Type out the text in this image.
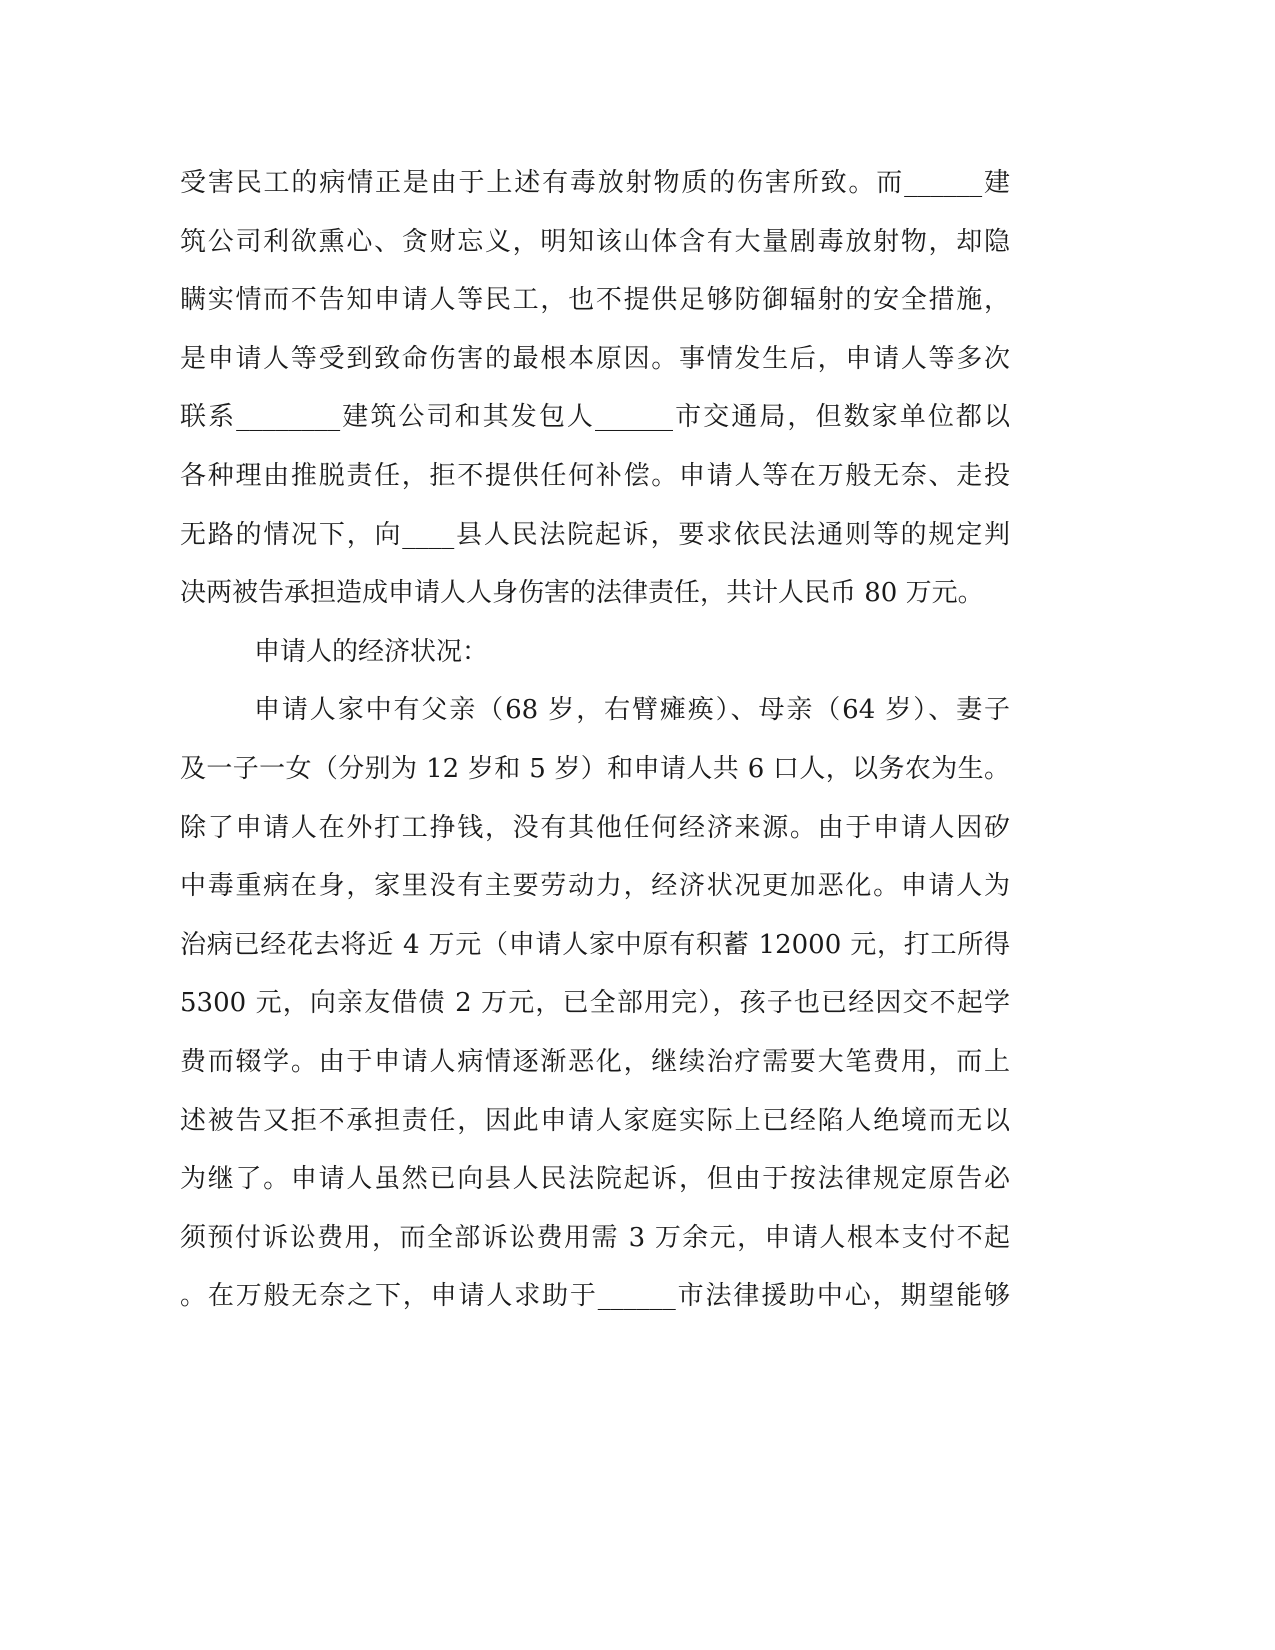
受害民工的病情正是由于上述有毒放射物质的伤害所致。而______建
筑公司利欲熏心、贪财忘义，明知该山体含有大量剧毒放射物，却隐
瞒实情而不告知申请人等民工，也不提供足够防御辐射的安全措施，
是申请人等受到致命伤害的最根本原因。事情发生后，申请人等多次
联系________建筑公司和其发包人______市交通局，但数家单位都以
各种理由推脱责任，拒不提供任何补偿。申请人等在万般无奈、走投
无路的情况下，向____县人民法院起诉，要求依民法通则等的规定判
决两被告承担造成申请人人身伤害的法律责任，共计人民币 80 万元。
申请人的经济状况：
申请人家中有父亲（68 岁，右臂瘫痪）、母亲（64 岁）、妻子
及一子一女（分别为 12 岁和 5 岁）和申请人共 6 口人，以务农为生。
除了申请人在外打工挣钱，没有其他任何经济来源。由于申请人因矽
中毒重病在身，家里没有主要劳动力，经济状况更加恶化。申请人为
治病已经花去将近 4 万元（申请人家中原有积蓄 12000 元，打工所得
5300 元，向亲友借债 2 万元，已全部用完），孩子也已经因交不起学
费而辍学。由于申请人病情逐渐恶化，继续治疗需要大笔费用，而上
述被告又拒不承担责任，因此申请人家庭实际上已经陷人绝境而无以
为继了。申请人虽然已向县人民法院起诉，但由于按法律规定原告必
须预付诉讼费用，而全部诉讼费用需 3 万余元，申请人根本支付不起
。在万般无奈之下，申请人求助于______市法律援助中心，期望能够
